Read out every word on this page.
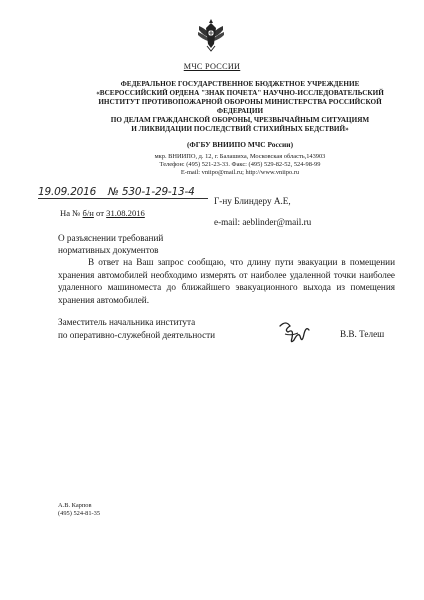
МЧС РОССИИ
ФЕДЕРАЛЬНОЕ ГОСУДАРСТВЕННОЕ БЮДЖЕТНОЕ УЧРЕЖДЕНИЕ
«ВСЕРОССИЙСКИЙ ОРДЕНА "ЗНАК ПОЧЕТА" НАУЧНО-ИССЛЕДОВАТЕЛЬСКИЙ
ИНСТИТУТ ПРОТИВОПОЖАРНОЙ ОБОРОНЫ МИНИСТЕРСТВА РОССИЙСКОЙ
ФЕДЕРАЦИИ
ПО ДЕЛАМ ГРАЖДАНСКОЙ ОБОРОНЫ, ЧРЕЗВЫЧАЙНЫМ СИТУАЦИЯМ
И ЛИКВИДАЦИИ ПОСЛЕДСТВИЙ СТИХИЙНЫХ БЕДСТВИЙ»
(ФГБУ ВНИИПО МЧС России)
мкр. ВНИИПО, д. 12, г. Балашиха, Московская область,143903
Телефон: (495) 521-23-33. Факс: (495) 529-82-52, 524-98-99
E-mail: vniipo@mail.ru; http://www.vniipo.ru
19.09.2016 № 530-1-29-13-4
На № б/н от 31.08.2016
Г-ну Блиндеру А.Е,
e-mail: aeblinder@mail.ru
О разъяснении требований
нормативных документов
В ответ на Ваш запрос сообщаю, что длину пути эвакуации в помещении хранения автомобилей необходимо измерять от наиболее удаленной точки наиболее удаленного машиноместа до ближайшего эвакуационного выхода из помещения хранения автомобилей.
Заместитель начальника института
по оперативно-служебной деятельности	В.В. Телеш
А.В. Карпов
(495) 524-81-35
